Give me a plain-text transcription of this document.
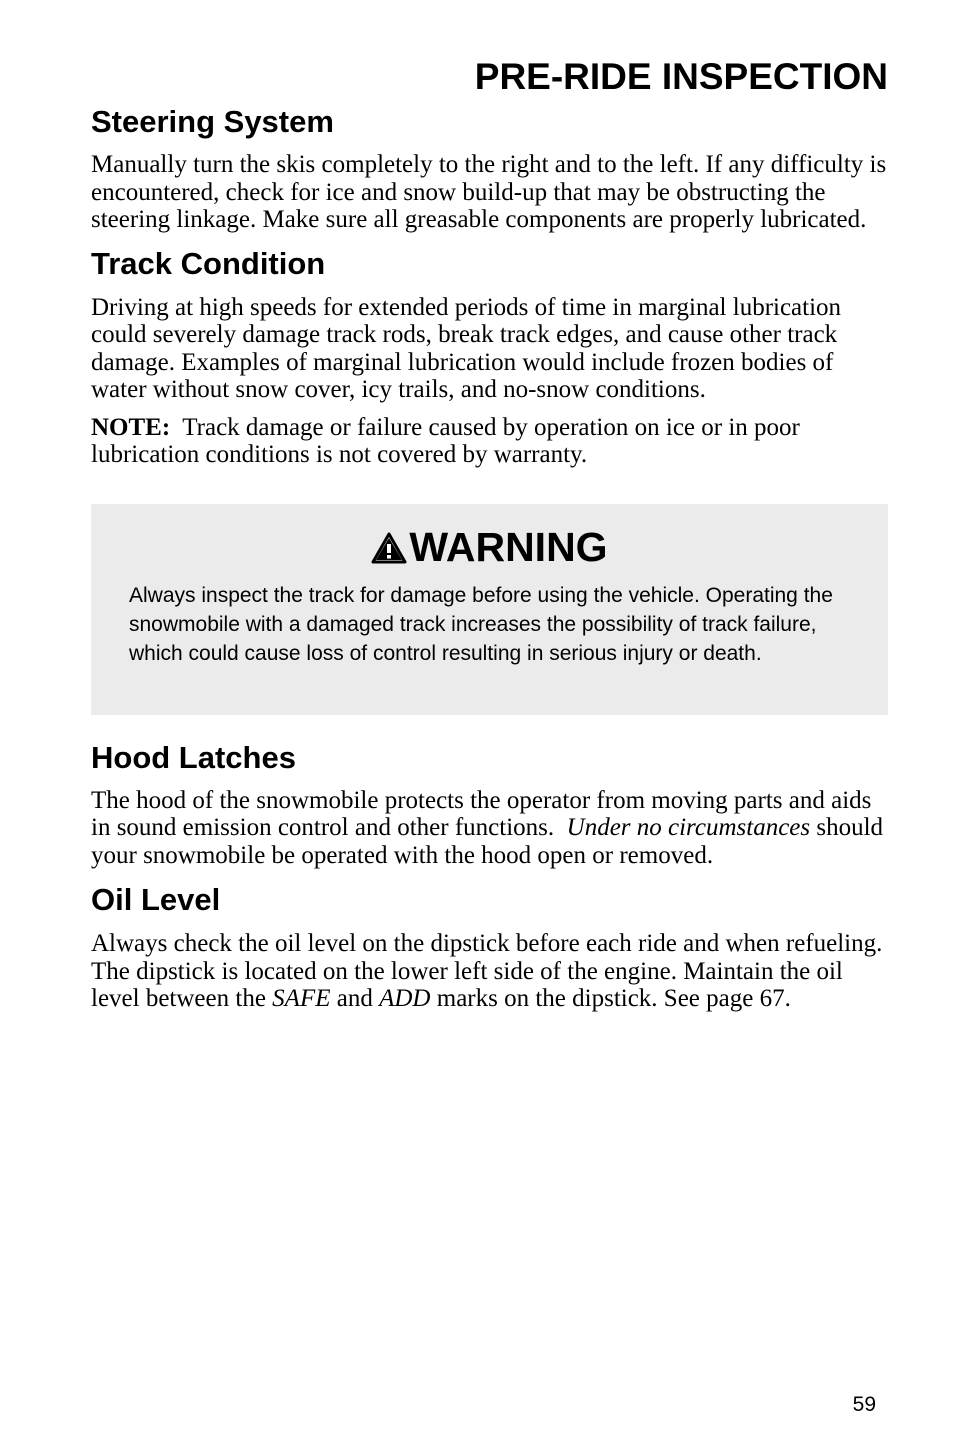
PRE-RIDE INSPECTION
Steering System

Manually turn the skis completely to the right and to the left. If any difficulty is encountered, check for ice and snow build-up that may be obstructing the steering linkage. Make sure all greasable components are properly lubricated.

Track Condition

Driving at high speeds for extended periods of time in marginal lubrication could severely damage track rods, break track edges, and cause other track damage. Examples of marginal lubrication would include frozen bodies of water without snow cover, icy trails, and no-snow conditions.

NOTE: Track damage or failure caused by operation on ice or in poor lubrication conditions is not covered by warranty.

WARNING

Always inspect the track for damage before using the vehicle. Operating the snowmobile with a damaged track increases the possibility of track failure, which could cause loss of control resulting in serious injury or death.

Hood Latches

The hood of the snowmobile protects the operator from moving parts and aids in sound emission control and other functions. Under no circumstances should your snowmobile be operated with the hood open or removed.

Oil Level

Always check the oil level on the dipstick before each ride and when refueling. The dipstick is located on the lower left side of the engine. Maintain the oil level between the SAFE and ADD marks on the dipstick. See page 67.

59
